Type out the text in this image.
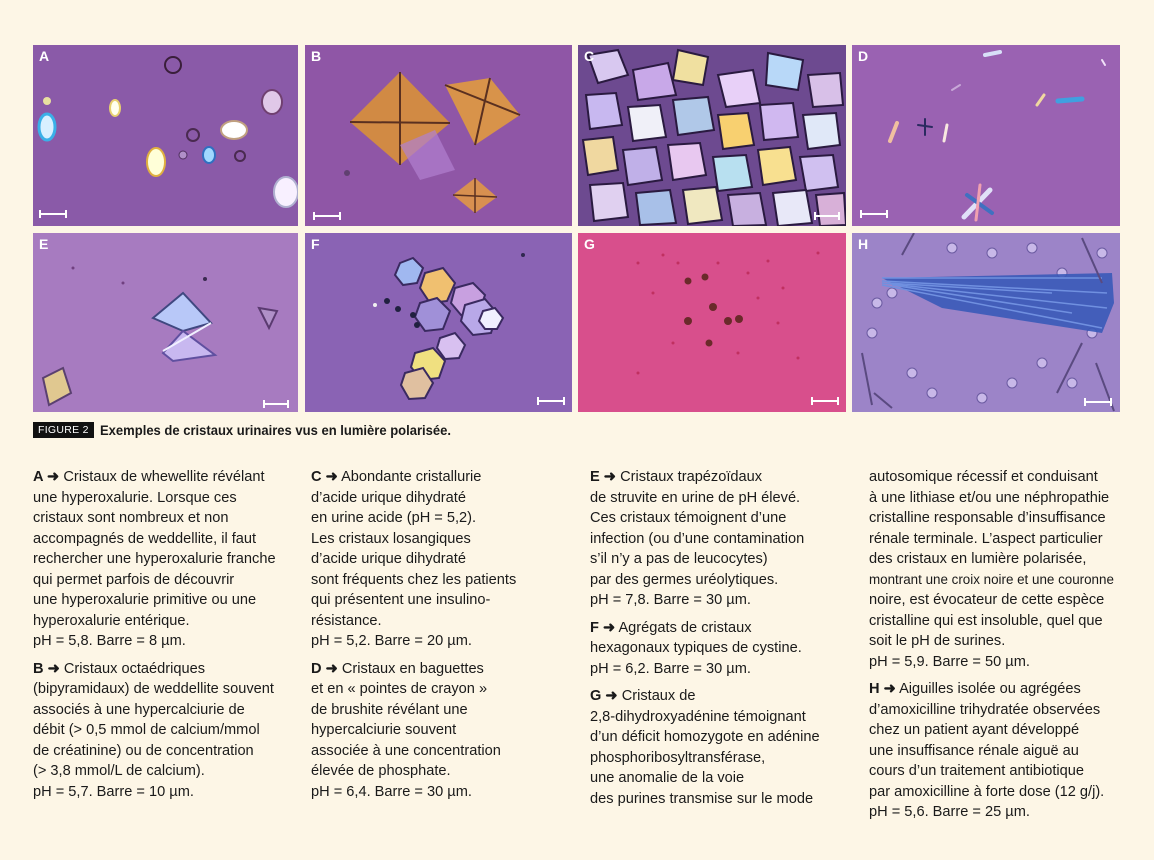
A	B	C	D
E	F	G	H
FIGURE 2 Exemples de cristaux urinaires vus en lumière polarisée.

A ➜ Cristaux de whewellite révélant
une hyperoxalurie. Lorsque ces
cristaux sont nombreux et non
accompagnés de weddellite, il faut
rechercher une hyperoxalurie franche
qui permet parfois de découvrir
une hyperoxalurie primitive ou une
hyperoxalurie entérique.
pH = 5,8. Barre = 8 µm.

B ➜ Cristaux octaédriques
(bipyramidaux) de weddellite souvent
associés à une hypercalciurie de
débit (> 0,5 mmol de calcium/mmol
de créatinine) ou de concentration
(> 3,8 mmol/L de calcium).
pH = 5,7. Barre = 10 µm.

C ➜ Abondante cristallurie
d’acide urique dihydraté
en urine acide (pH = 5,2).
Les cristaux losangiques
d’acide urique dihydraté
sont fréquents chez les patients
qui présentent une insulino-
résistance.
pH = 5,2. Barre = 20 µm.

D ➜ Cristaux en baguettes
et en « pointes de crayon »
de brushite révélant une
hypercalciurie souvent
associée à une concentration
élevée de phosphate.
pH = 6,4. Barre = 30 µm.

E ➜ Cristaux trapézoïdaux
de struvite en urine de pH élevé.
Ces cristaux témoignent d’une
infection (ou d’une contamination
s’il n’y a pas de leucocytes)
par des germes uréolytiques.
pH = 7,8. Barre = 30 µm.

F ➜ Agrégats de cristaux
hexagonaux typiques de cystine.
pH = 6,2. Barre = 30 µm.

G ➜ Cristaux de
2,8-dihydroxyadénine témoignant
d’un déficit homozygote en adénine
phosphoribosyltransférase,
une anomalie de la voie
des purines transmise sur le mode

autosomique récessif et conduisant
à une lithiase et/ou une néphropathie
cristalline responsable d’insuffisance
rénale terminale. L’aspect particulier
des cristaux en lumière polarisée,
montrant une croix noire et une couronne
noire, est évocateur de cette espèce
cristalline qui est insoluble, quel que
soit le pH de surines.
pH = 5,9. Barre = 50 µm.

H ➜ Aiguilles isolée ou agrégées
d’amoxicilline trihydratée observées
chez un patient ayant développé
une insuffisance rénale aiguë au
cours d’un traitement antibiotique
par amoxicilline à forte dose (12 g/j).
pH = 5,6. Barre = 25 µm.
